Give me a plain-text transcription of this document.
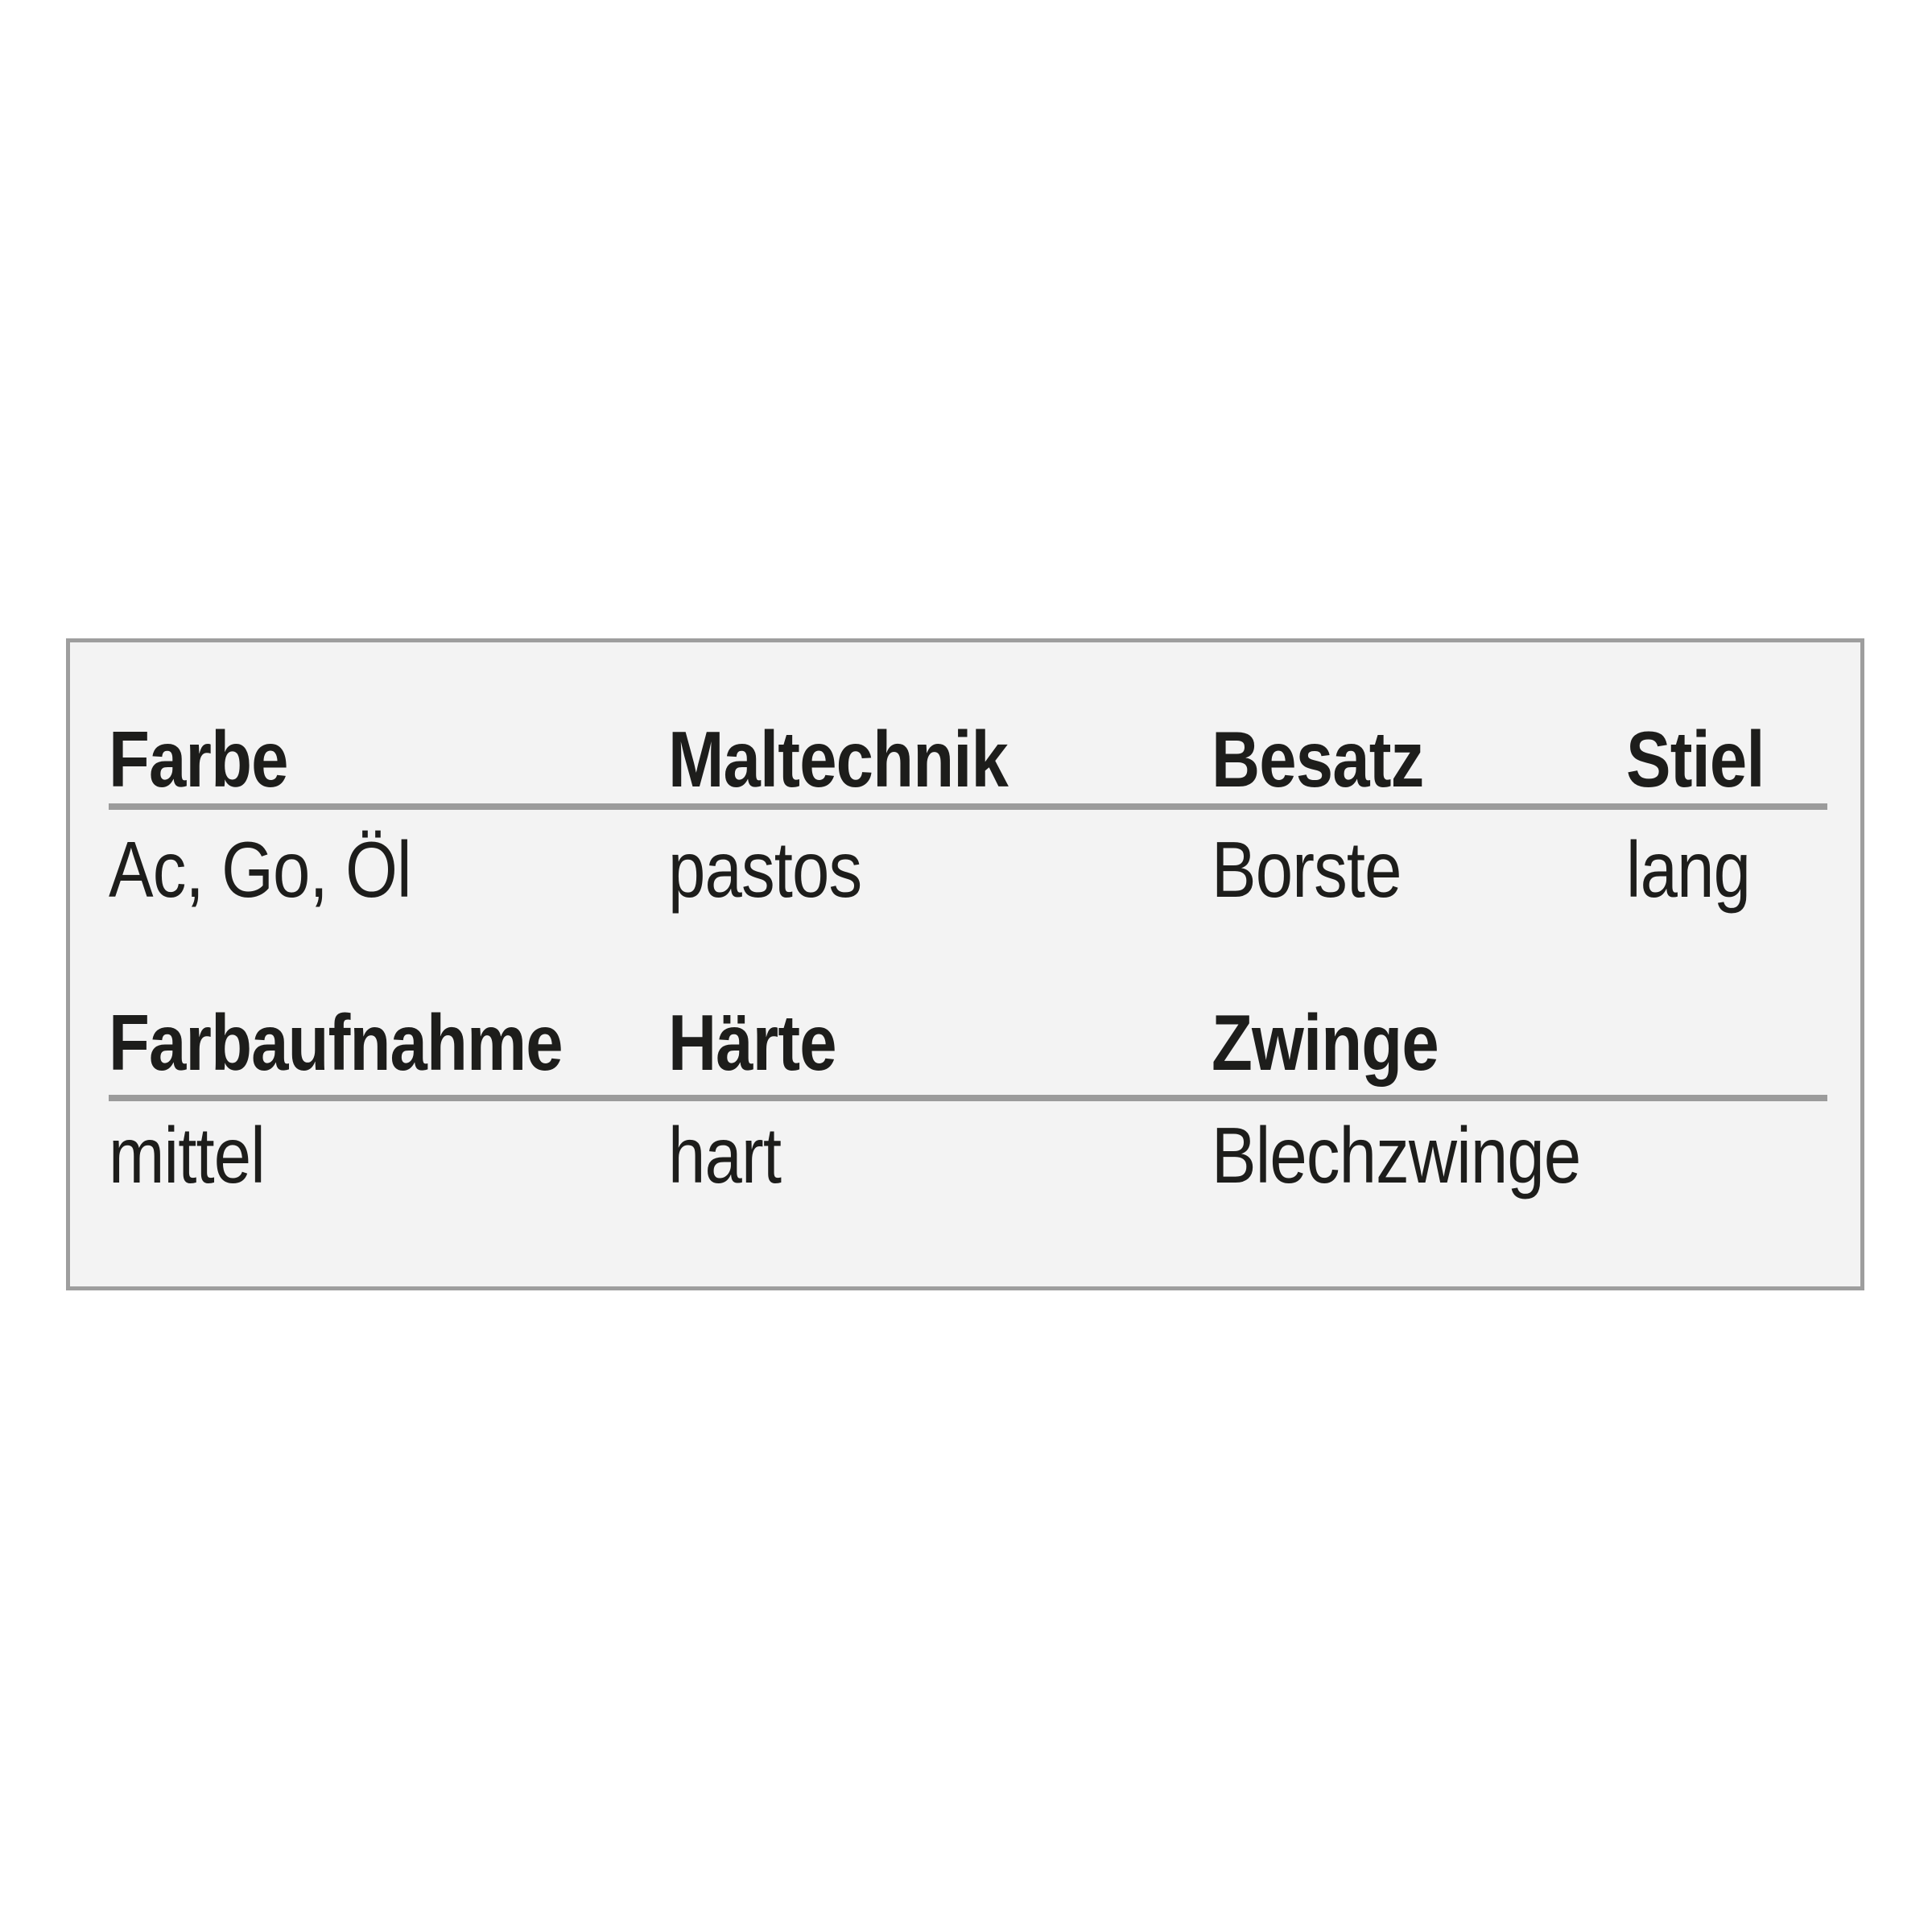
Farbe	Maltechnik	Besatz	Stiel
Ac, Go, Öl	pastos	Borste	lang
Farbaufnahme	Härte	Zwinge
mittel	hart	Blechzwinge
